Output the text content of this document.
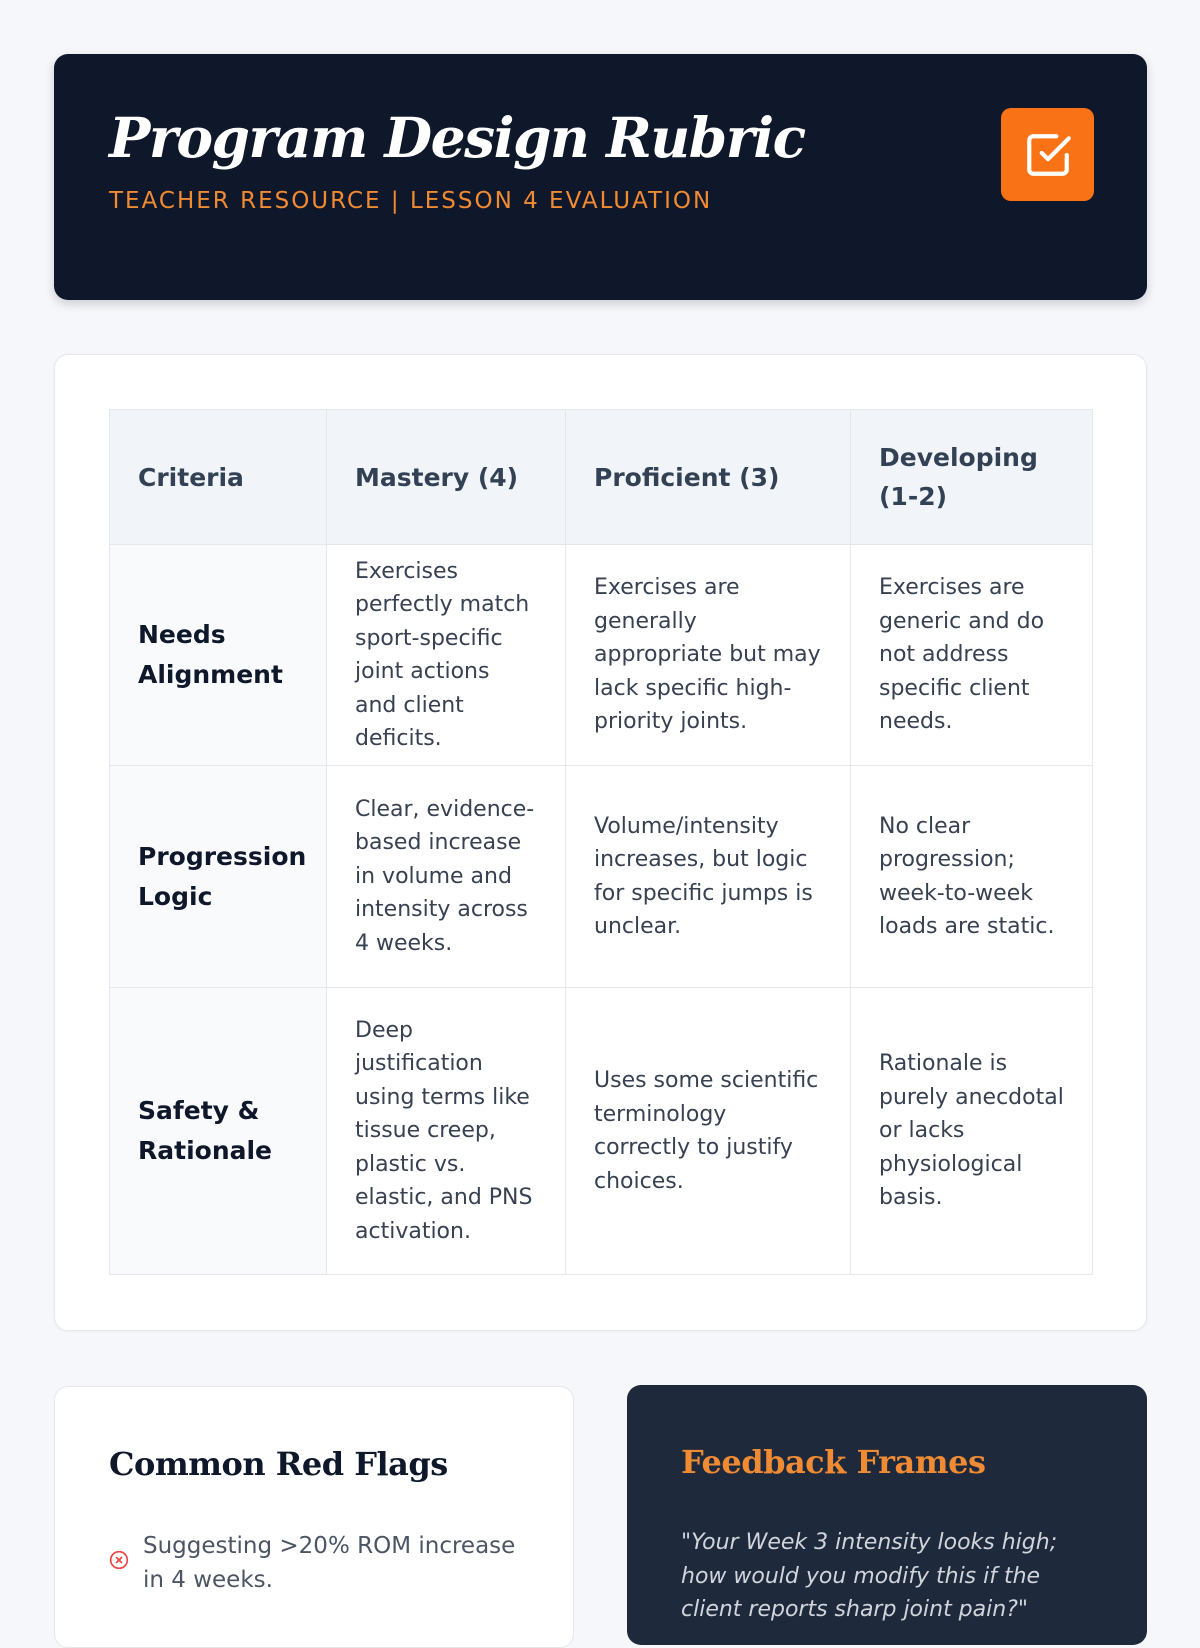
Program Design Rubric
TEACHER RESOURCE | LESSON 4 EVALUATION
Criteria	Mastery (4)	Proficient (3)	Developing (1-2)
Needs Alignment	Exercises perfectly match sport-specific joint actions and client deficits.	Exercises are generally appropriate but may lack specific high-priority joints.	Exercises are generic and do not address specific client needs.
Progression Logic	Clear, evidence-based increase in volume and intensity across 4 weeks.	Volume/intensity increases, but logic for specific jumps is unclear.	No clear progression; week-to-week loads are static.
Safety & Rationale	Deep justification using terms like tissue creep, plastic vs. elastic, and PNS activation.	Uses some scientific terminology correctly to justify choices.	Rationale is purely anecdotal or lacks physiological basis.
Common Red Flags
Suggesting >20% ROM increase in 4 weeks.
Feedback Frames

"Your Week 3 intensity looks high; how would you modify this if the client reports sharp joint pain?"
